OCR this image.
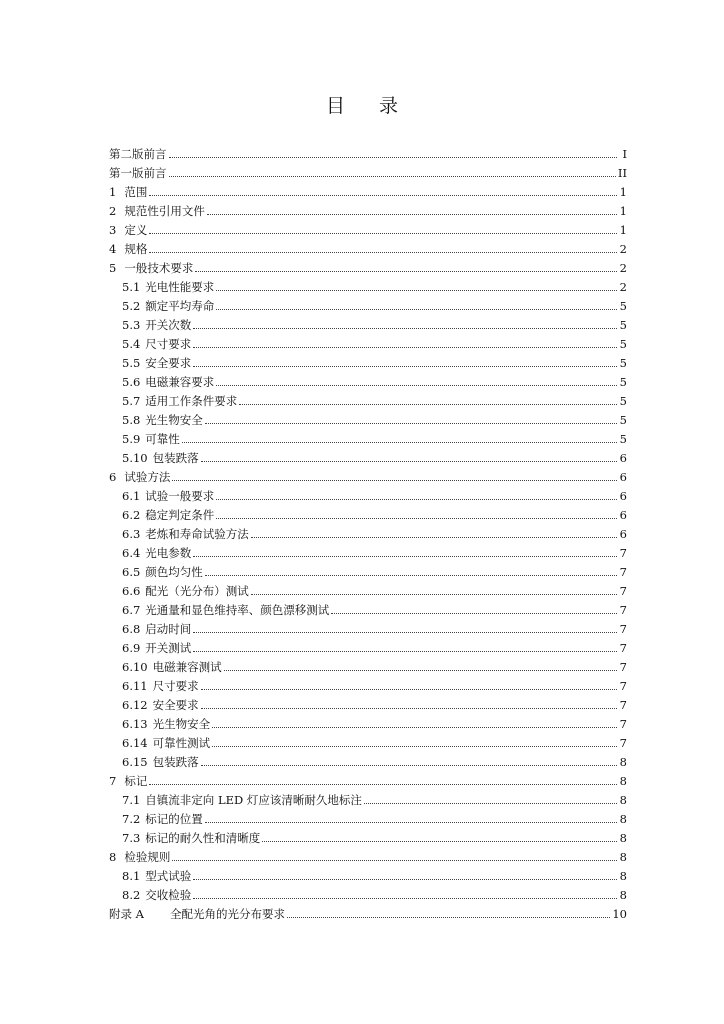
目 录
第二版前言	I
第一版前言	II
1 范围	1
2 规范性引用文件	1
3 定义	1
4 规格	2
5 一般技术要求	2
5.1 光电性能要求	2
5.2 额定平均寿命	5
5.3 开关次数	5
5.4 尺寸要求	5
5.5 安全要求	5
5.6 电磁兼容要求	5
5.7 适用工作条件要求	5
5.8 光生物安全	5
5.9 可靠性	5
5.10 包装跌落	6
6 试验方法	6
6.1 试验一般要求	6
6.2 稳定判定条件	6
6.3 老炼和寿命试验方法	6
6.4 光电参数	7
6.5 颜色均匀性	7
6.6 配光（光分布）测试	7
6.7 光通量和显色维持率、颜色漂移测试	7
6.8 启动时间	7
6.9 开关测试	7
6.10 电磁兼容测试	7
6.11 尺寸要求	7
6.12 安全要求	7
6.13 光生物安全	7
6.14 可靠性测试	7
6.15 包装跌落	8
7 标记	8
7.1 自镇流非定向 LED 灯应该清晰耐久地标注	8
7.2 标记的位置	8
7.3 标记的耐久性和清晰度	8
8 检验规则	8
8.1 型式试验	8
8.2 交收检验	8
附录 A 全配光角的光分布要求	10
